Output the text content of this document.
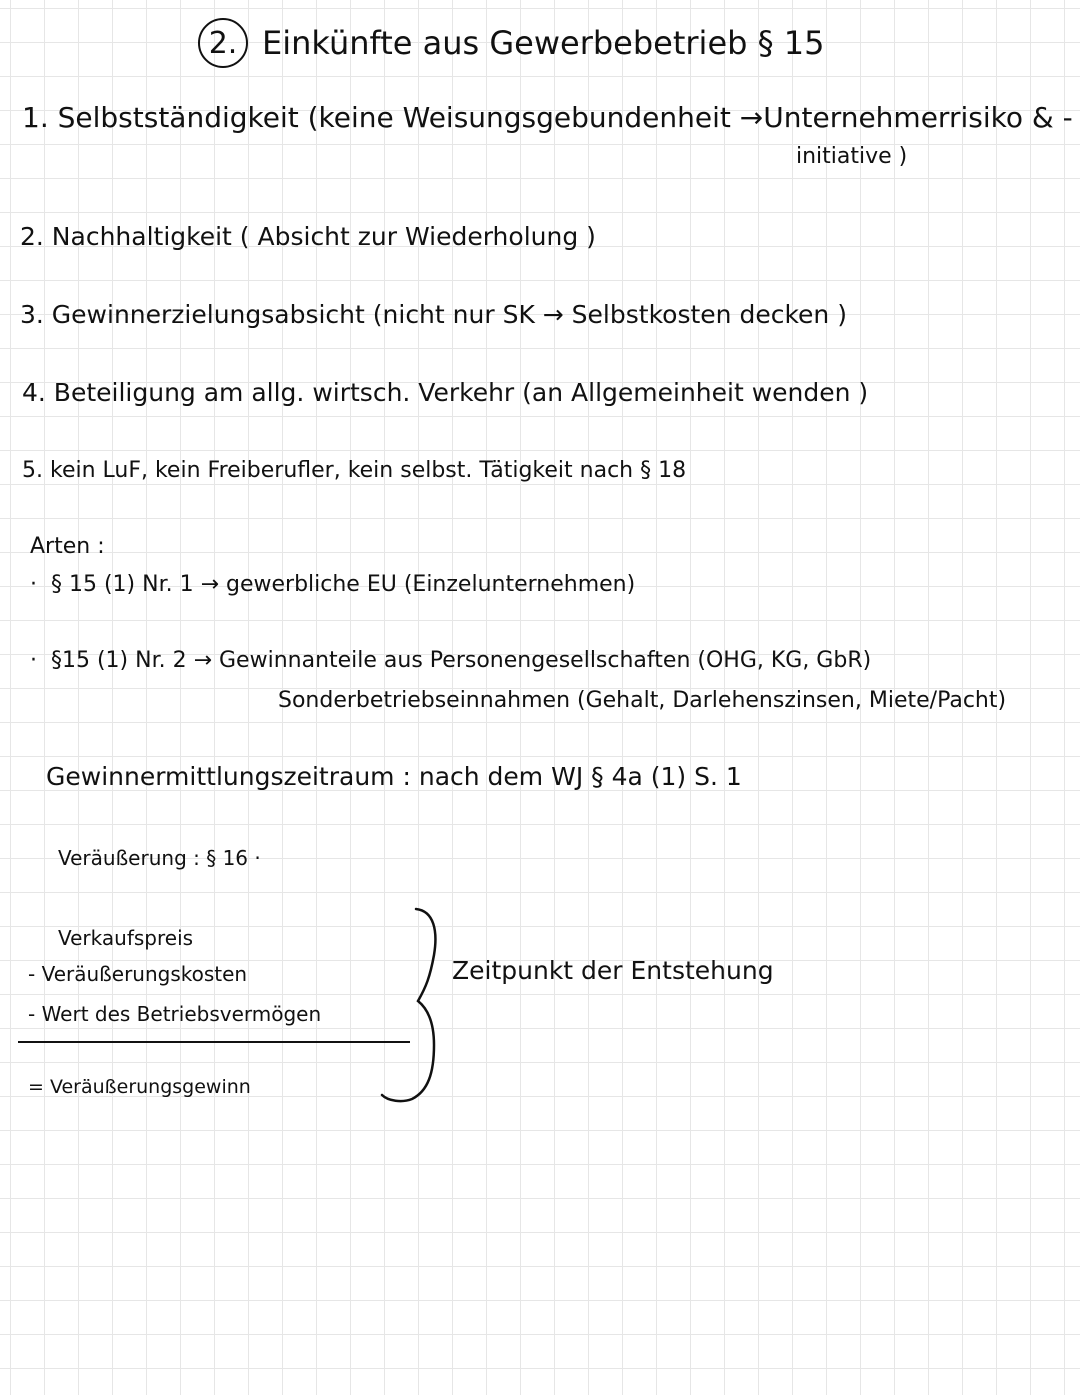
2. Einkünfte aus Gewerbebetrieb § 15
1. Selbstständigkeit (keine Weisungsgebundenheit →Unternehmerrisiko & -
initiative )
2. Nachhaltigkeit ( Absicht zur Wiederholung )
3. Gewinnerzielungsabsicht (nicht nur SK → Selbstkosten decken )
4. Beteiligung am allg. wirtsch. Verkehr (an Allgemeinheit wenden )
5. kein LuF, kein Freiberufler, kein selbst. Tätigkeit nach § 18
Arten :
·  § 15 (1) Nr. 1 → gewerbliche EU (Einzelunternehmen)
·  §15 (1) Nr. 2 → Gewinnanteile aus Personengesellschaften (OHG, KG, GbR)
Sonderbetriebseinnahmen (Gehalt, Darlehenszinsen, Miete/Pacht)
Gewinnermittlungszeitraum : nach dem WJ § 4a (1) S. 1
Veräußerung : § 16 ·
Verkaufspreis
- Veräußerungskosten
- Wert des Betriebsvermögen
= Veräußerungsgewinn
Zeitpunkt der Entstehung
